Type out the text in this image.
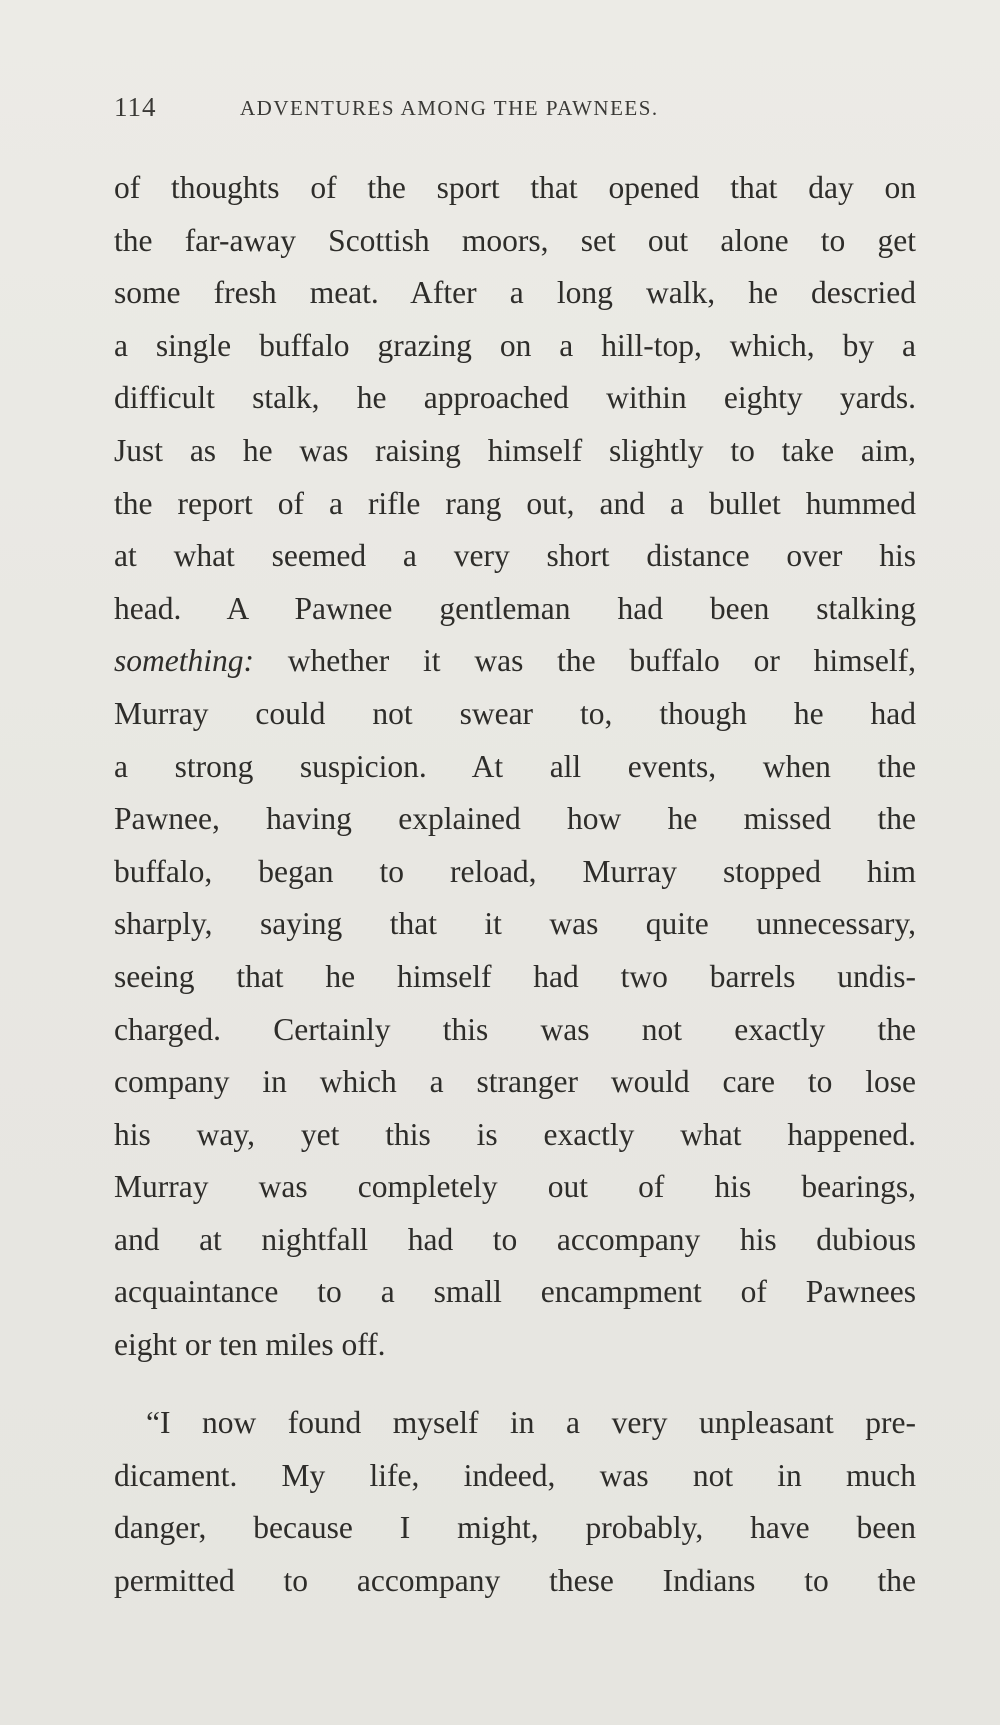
114	ADVENTURES AMONG THE PAWNEES.
of thoughts of the sport that opened that day on
the far-away Scottish moors, set out alone to get
some fresh meat. After a long walk, he descried
a single buffalo grazing on a hill-top, which, by a
difficult stalk, he approached within eighty yards.
Just as he was raising himself slightly to take aim,
the report of a rifle rang out, and a bullet hummed
at what seemed a very short distance over his
head. A Pawnee gentleman had been stalking
something: whether it was the buffalo or himself,
Murray could not swear to, though he had
a strong suspicion. At all events, when the
Pawnee, having explained how he missed the
buffalo, began to reload, Murray stopped him
sharply, saying that it was quite unnecessary,
seeing that he himself had two barrels undis-
charged. Certainly this was not exactly the
company in which a stranger would care to lose
his way, yet this is exactly what happened.
Murray was completely out of his bearings,
and at nightfall had to accompany his dubious
acquaintance to a small encampment of Pawnees
eight or ten miles off.
“I now found myself in a very unpleasant pre-
dicament. My life, indeed, was not in much
danger, because I might, probably, have been
permitted to accompany these Indians to the
